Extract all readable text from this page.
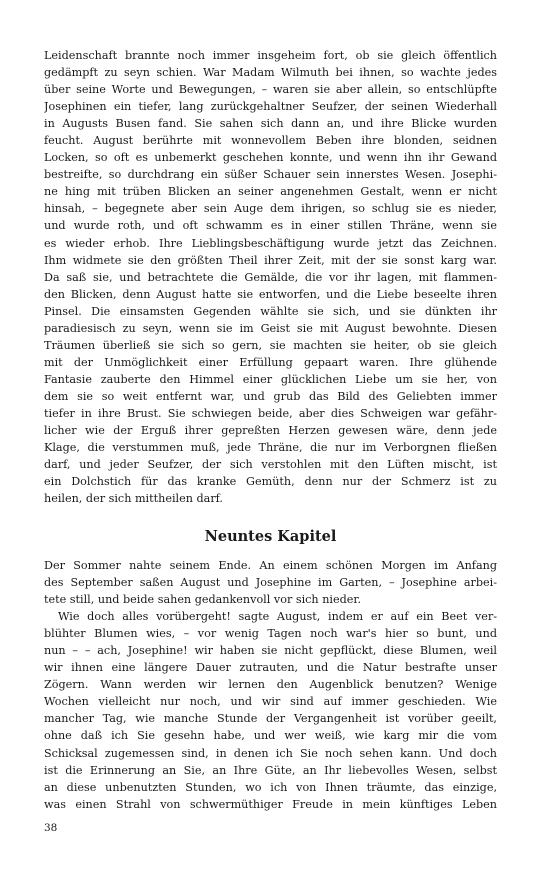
Leidenschaft brannte noch immer insgeheim fort, ob sie gleich öffentlich
gedämpft zu seyn schien. War Madam Wilmuth bei ihnen, so wachte jedes
über seine Worte und Bewegungen, – waren sie aber allein, so entschlüpfte
Josephinen ein tiefer, lang zurückgehaltner Seufzer, der seinen Wiederhall
in Augusts Busen fand. Sie sahen sich dann an, und ihre Blicke wurden
feucht. August berührte mit wonnevollem Beben ihre blonden, seidnen
Locken, so oft es unbemerkt geschehen konnte, und wenn ihn ihr Gewand
bestreifte, so durchdrang ein süßer Schauer sein innerstes Wesen. Josephi-
ne hing mit trüben Blicken an seiner angenehmen Gestalt, wenn er nicht
hinsah, – begegnete aber sein Auge dem ihrigen, so schlug sie es nieder,
und wurde roth, und oft schwamm es in einer stillen Thräne, wenn sie
es wieder erhob. Ihre Lieblingsbeschäftigung wurde jetzt das Zeichnen.
Ihm widmete sie den größten Theil ihrer Zeit, mit der sie sonst karg war.
Da saß sie, und betrachtete die Gemälde, die vor ihr lagen, mit flammen-
den Blicken, denn August hatte sie entworfen, und die Liebe beseelte ihren
Pinsel. Die einsamsten Gegenden wählte sie sich, und sie dünkten ihr
paradiesisch zu seyn, wenn sie im Geist sie mit August bewohnte. Diesen
Träumen überließ sie sich so gern, sie machten sie heiter, ob sie gleich
mit der Unmöglichkeit einer Erfüllung gepaart waren. Ihre glühende
Fantasie zauberte den Himmel einer glücklichen Liebe um sie her, von
dem sie so weit entfernt war, und grub das Bild des Geliebten immer
tiefer in ihre Brust. Sie schwiegen beide, aber dies Schweigen war gefähr-
licher wie der Erguß ihrer gepreßten Herzen gewesen wäre, denn jede
Klage, die verstummen muß, jede Thräne, die nur im Verborgnen fließen
darf, und jeder Seufzer, der sich verstohlen mit den Lüften mischt, ist
ein Dolchstich für das kranke Gemüth, denn nur der Schmerz ist zu
heilen, der sich mittheilen darf.
Neuntes Kapitel
Der Sommer nahte seinem Ende. An einem schönen Morgen im Anfang
des September saßen August und Josephine im Garten, – Josephine arbei-
tete still, und beide sahen gedankenvoll vor sich nieder.
Wie doch alles vorübergeht! sagte August, indem er auf ein Beet ver-
blühter Blumen wies, – vor wenig Tagen noch war's hier so bunt, und
nun – – ach, Josephine! wir haben sie nicht gepflückt, diese Blumen, weil
wir ihnen eine längere Dauer zutrauten, und die Natur bestrafte unser
Zögern. Wann werden wir lernen den Augenblick benutzen? Wenige
Wochen vielleicht nur noch, und wir sind auf immer geschieden. Wie
mancher Tag, wie manche Stunde der Vergangenheit ist vorüber geeilt,
ohne daß ich Sie gesehn habe, und wer weiß, wie karg mir die vom
Schicksal zugemessen sind, in denen ich Sie noch sehen kann. Und doch
ist die Erinnerung an Sie, an Ihre Güte, an Ihr liebevolles Wesen, selbst
an diese unbenutzten Stunden, wo ich von Ihnen träumte, das einzige,
was einen Strahl von schwermüthiger Freude in mein künftiges Leben
38
